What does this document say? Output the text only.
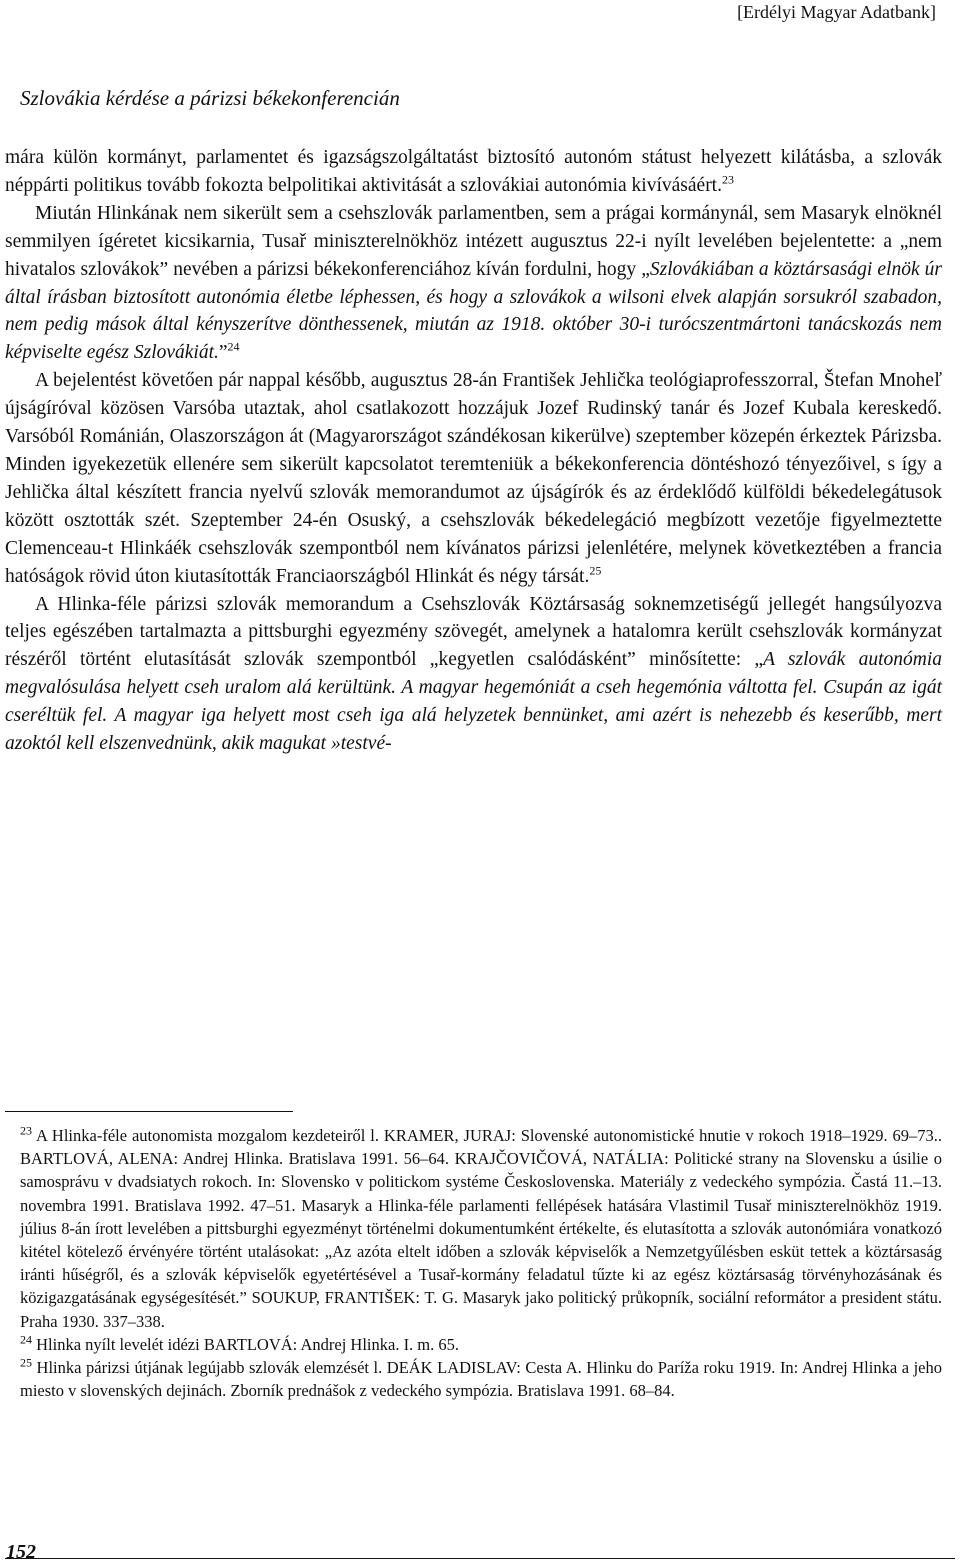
[Erdélyi Magyar Adatbank]
Szlovákia kérdése a párizsi békekonferencián

mára külön kormányt, parlamentet és igazságszolgáltatást biztosító autonóm státust helyezett kilátásba, a szlovák néppárti politikus tovább fokozta belpolitikai aktivitását a szlovákiai autonómia kivívásáért.$^{23}$

Miután Hlinkának nem sikerült sem a csehszlovák parlamentben, sem a prágai kormánynál, sem Masaryk elnöknél semmilyen ígéretet kicsikarnia, Tusař miniszterelnökhöz intézett augusztus 22-i nyílt levelében bejelentette: a „nem hivatalos szlovákok” nevében a párizsi békekonferenciához kíván fordulni, hogy „Szlovákiában a köztársasági elnök úr által írásban biztosított autonómia életbe léphessen, és hogy a szlovákok a wilsoni elvek alapján sorsukról szabadon, nem pedig mások által kényszerítve dönthessenek, miután az 1918. október 30-i turócszentmártoni tanácskozás nem képviselte egész Szlovákiát.”$^{24}$

A bejelentést követően pár nappal később, augusztus 28-án František Jehlička teológiaprofesszorral, Štefan Mnoheľ újságíróval közösen Varsóba utaztak, ahol csatlakozott hozzájuk Jozef Rudinský tanár és Jozef Kubala kereskedő. Varsóból Románián, Olaszországon át (Magyarországot szándékosan kikerülve) szeptember közepén érkeztek Párizsba. Minden igyekezetük ellenére sem sikerült kapcsolatot teremteniük a békekonferencia döntéshozó tényezőivel, s így a Jehlička által készített francia nyelvű szlovák memorandumot az újságírók és az érdeklődő külföldi békedelegátusok között osztották szét. Szeptember 24-én Osuský, a csehszlovák békedelegáció megbízott vezetője figyelmeztette Clemenceau-t Hlinkáék csehszlovák szempontból nem kívánatos párizsi jelenlétére, melynek következtében a francia hatóságok rövid úton kiutasították Franciaországból Hlinkát és négy társát.$^{25}$

A Hlinka-féle párizsi szlovák memorandum a Csehszlovák Köztársaság soknemzetiségű jellegét hangsúlyozva teljes egészében tartalmazta a pittsburghi egyezmény szövegét, amelynek a hatalomra került csehszlovák kormányzat részéről történt elutasítását szlovák szempontból „kegyetlen csalódásként” minősítette: „A szlovák autonómia megvalósulása helyett cseh uralom alá kerültünk. A magyar hegemóniát a cseh hegemónia váltotta fel. Csupán az igát cseréltük fel. A magyar iga helyett most cseh iga alá helyzetek bennünket, ami azért is nehezebb és keserűbb, mert azoktól kell elszenvednünk, akik magukat »testvé-

$^{23}$ A Hlinka-féle autonomista mozgalom kezdeteiről l. KRAMER, JURAJ: Slovenské autonomistické hnutie v rokoch 1918–1929. 69–73.. BARTLOVÁ, ALENA: Andrej Hlinka. Bratislava 1991. 56–64. KRAJČOVIČOVÁ, NATÁLIA: Politické strany na Slovensku a úsilie o samosprávu v dvadsiatych rokoch. In: Slovensko v politickom systéme Československa. Materiály z vedeckého sympózia. Častá 11.–13. novembra 1991. Bratislava 1992. 47–51. Masaryk a Hlinka-féle parlamenti fellépések hatására Vlastimil Tusař miniszterelnökhöz 1919. július 8-án írott levelében a pittsburghi egyezményt történelmi dokumentumként értékelte, és elutasította a szlovák autonómiára vonatkozó kitétel kötelező érvényére történt utalásokat: „Az azóta eltelt időben a szlovák képviselők a Nemzetgyűlésben esküt tettek a köztársaság iránti hűségről, és a szlovák képviselők egyetértésével a Tusař-kormány feladatul tűzte ki az egész köztársaság törvényhozásának és közigazgatásának egységesítését.” SOUKUP, FRANTIŠEK: T. G. Masaryk jako politický průkopník, sociální reformátor a president státu. Praha 1930. 337–338.

$^{24}$ Hlinka nyílt levelét idézi BARTLOVÁ: Andrej Hlinka. I. m. 65.

$^{25}$ Hlinka párizsi útjának legújabb szlovák elemzését l. DEÁK LADISLAV: Cesta A. Hlinku do Paríža roku 1919. In: Andrej Hlinka a jeho miesto v slovenských dejinách. Zborník prednášok z vedeckého sympózia. Bratislava 1991. 68–84.

152
